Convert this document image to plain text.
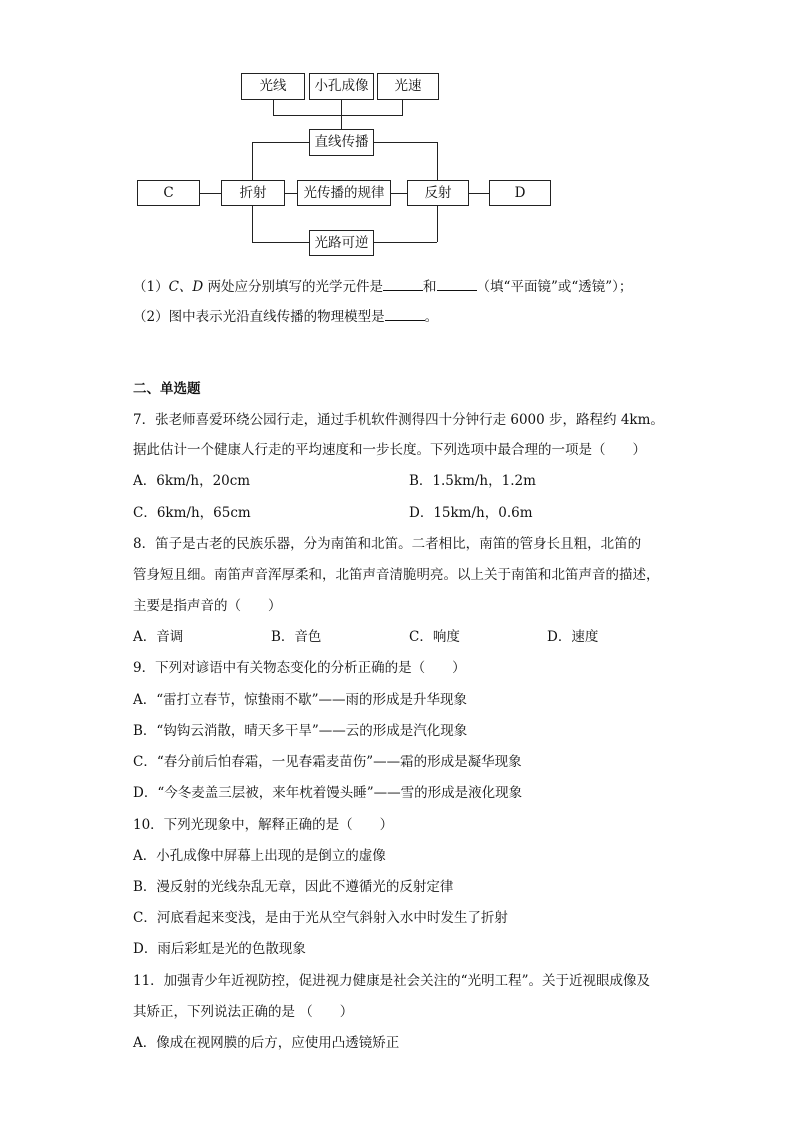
光线	小孔成像	光速
直线传播
C	折射	光传播的规律	反射	D
光路可逆
（1）C、D 两处应分别填写的光学元件是	和	（填“平面镜”或“透镜”）；
（2）图中表示光沿直线传播的物理模型是	。
二、单选题
7．张老师喜爱环绕公园行走，通过手机软件测得四十分钟行走 6000 步，路程约 4km。
据此估计一个健康人行走的平均速度和一步长度。下列选项中最合理的一项是（　　）
A．6km/h，20cm	B．1.5km/h，1.2m
C．6km/h，65cm	D．15km/h，0.6m
8．笛子是古老的民族乐器，分为南笛和北笛。二者相比，南笛的管身长且粗，北笛的
管身短且细。南笛声音浑厚柔和，北笛声音清脆明亮。以上关于南笛和北笛声音的描述，
主要是指声音的（　　）
A．音调	B．音色	C．响度	D．速度
9．下列对谚语中有关物态变化的分析正确的是（　　）
A．“雷打立春节，惊蛰雨不歇”——雨的形成是升华现象
B．“钩钩云消散，晴天多干旱”——云的形成是汽化现象
C．“春分前后怕春霜，一见春霜麦苗伤”——霜的形成是凝华现象
D．“今冬麦盖三层被，来年枕着馒头睡”——雪的形成是液化现象
10．下列光现象中，解释正确的是（　　）
A．小孔成像中屏幕上出现的是倒立的虚像
B．漫反射的光线杂乱无章，因此不遵循光的反射定律
C．河底看起来变浅，是由于光从空气斜射入水中时发生了折射
D．雨后彩虹是光的色散现象
11．加强青少年近视防控，促进视力健康是社会关注的“光明工程”。关于近视眼成像及
其矫正，下列说法正确的是 （　　）
A．像成在视网膜的后方，应使用凸透镜矫正
